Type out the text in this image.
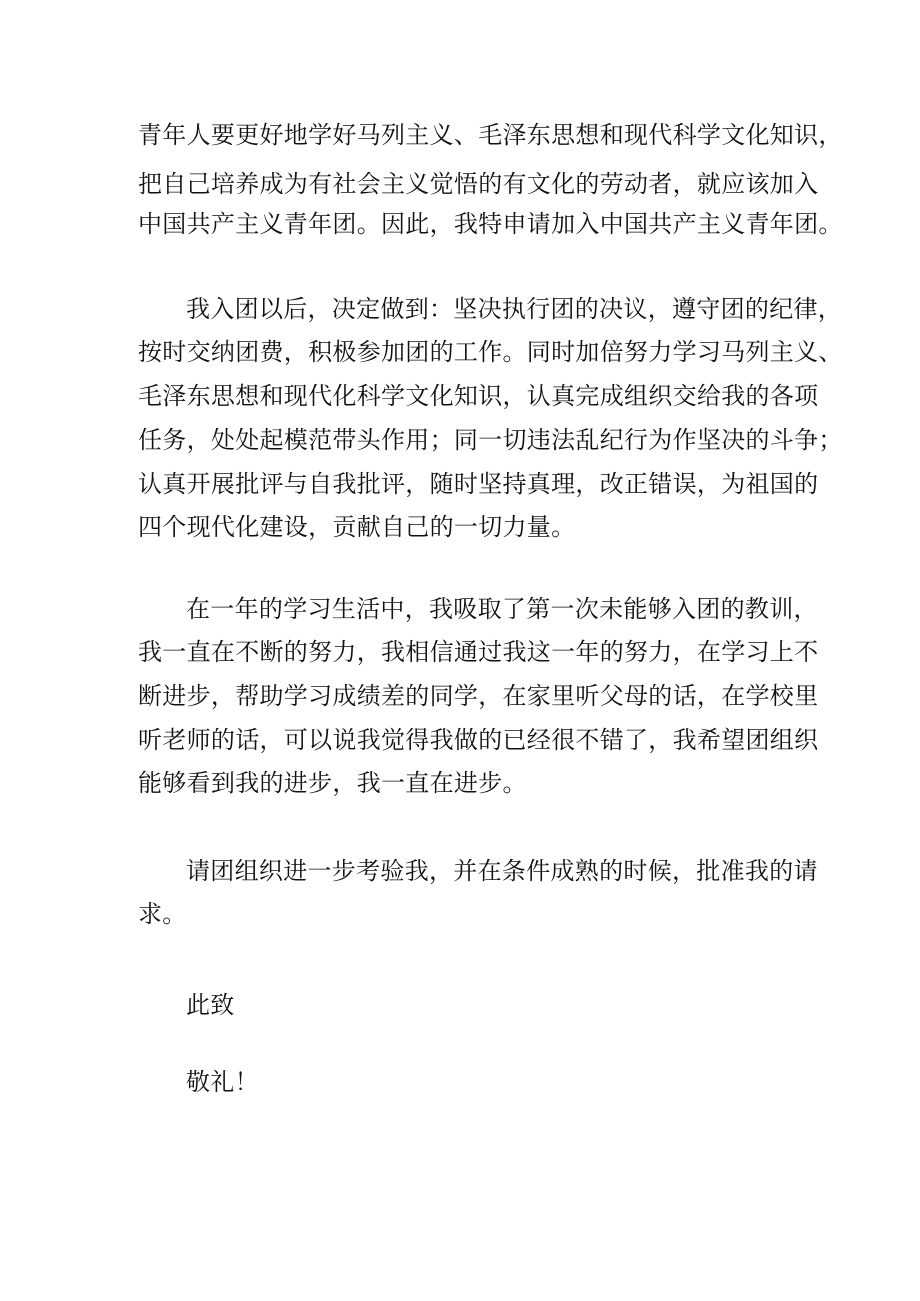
青年人要更好地学好马列主义、毛泽东思想和现代科学文化知识，
把自己培养成为有社会主义觉悟的有文化的劳动者，就应该加入
中国共产主义青年团。因此，我特申请加入中国共产主义青年团。
我入团以后，决定做到：坚决执行团的决议，遵守团的纪律，
按时交纳团费，积极参加团的工作。同时加倍努力学习马列主义、
毛泽东思想和现代化科学文化知识，认真完成组织交给我的各项
任务，处处起模范带头作用；同一切违法乱纪行为作坚决的斗争；
认真开展批评与自我批评，随时坚持真理，改正错误，为祖国的
四个现代化建设，贡献自己的一切力量。
在一年的学习生活中，我吸取了第一次未能够入团的教训，
我一直在不断的努力，我相信通过我这一年的努力，在学习上不
断进步，帮助学习成绩差的同学，在家里听父母的话，在学校里
听老师的话，可以说我觉得我做的已经很不错了，我希望团组织
能够看到我的进步，我一直在进步。
请团组织进一步考验我，并在条件成熟的时候，批准我的请
求。
此致
敬礼！
